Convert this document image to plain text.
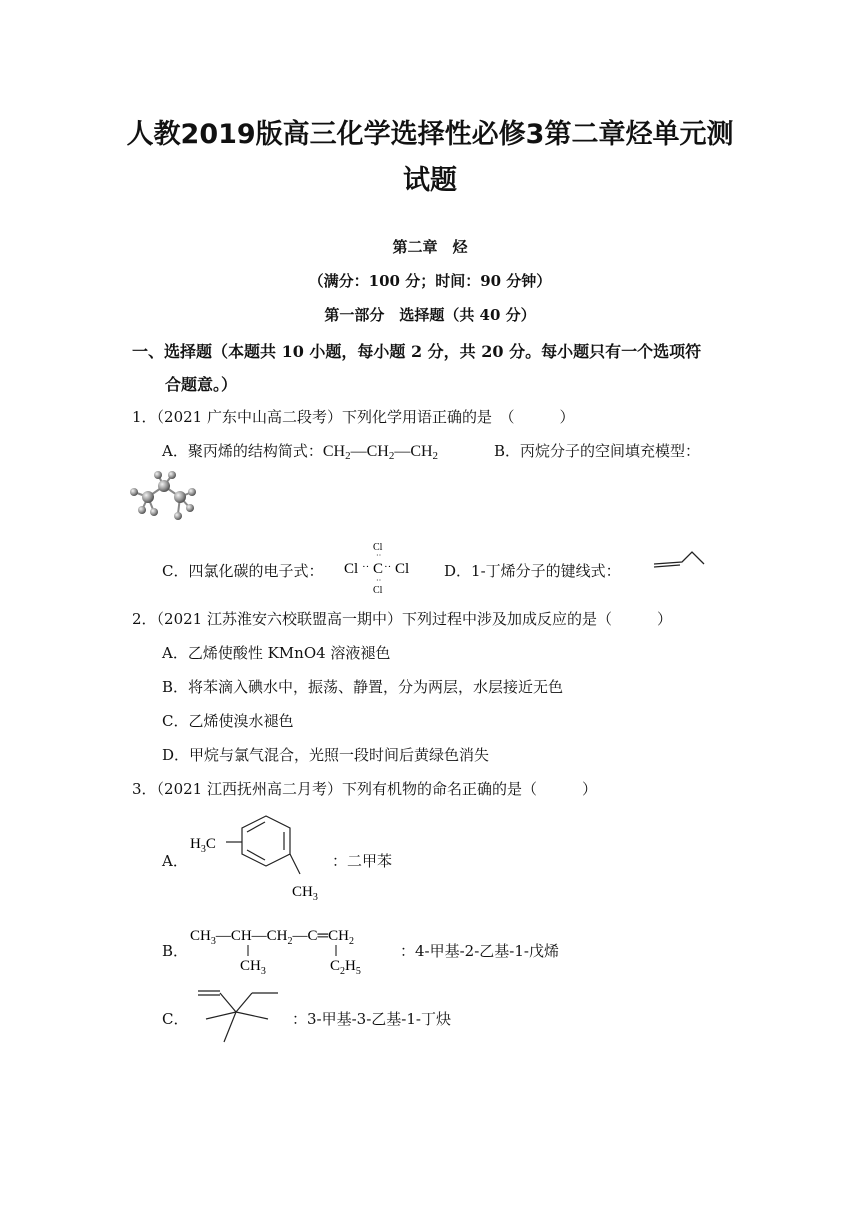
人教2019版高三化学选择性必修3第二章烃单元测
试题
第二章　烃
（满分：100 分；时间：90 分钟）
第一部分　选择题（共 40 分）
一、选择题（本题共 10 小题，每小题 2 分，共 20 分。每小题只有一个选项符
合题意。）
1．（2021 广东中山高二段考）下列化学用语正确的是　（　　　）
A．聚丙烯的结构简式：$CH_2—CH_2—CH_2$	B．丙烷分子的空间填充模型：
C．四氯化碳的电子式：
Cl
··
Cl ·· C ·· Cl
··
Cl
D．1-丁烯分子的键线式：
2．（2021 江苏淮安六校联盟高一期中）下列过程中涉及加成反应的是（　　　）
A．乙烯使酸性 KMnO4 溶液褪色
B．将苯滴入碘水中，振荡、静置，分为两层，水层接近无色
C．乙烯使溴水褪色
D．甲烷与氯气混合，光照一段时间后黄绿色消失
3．（2021 江西抚州高二月考）下列有机物的命名正确的是（　　　）
A．
$H_3C$
$CH_3$
：二甲苯
B．
$CH_3—CH—CH_2—C═CH_2$
$CH_3$	$C_2H_5$
：4-甲基-2-乙基-1-戊烯
C．	：3-甲基-3-乙基-1-丁炔
